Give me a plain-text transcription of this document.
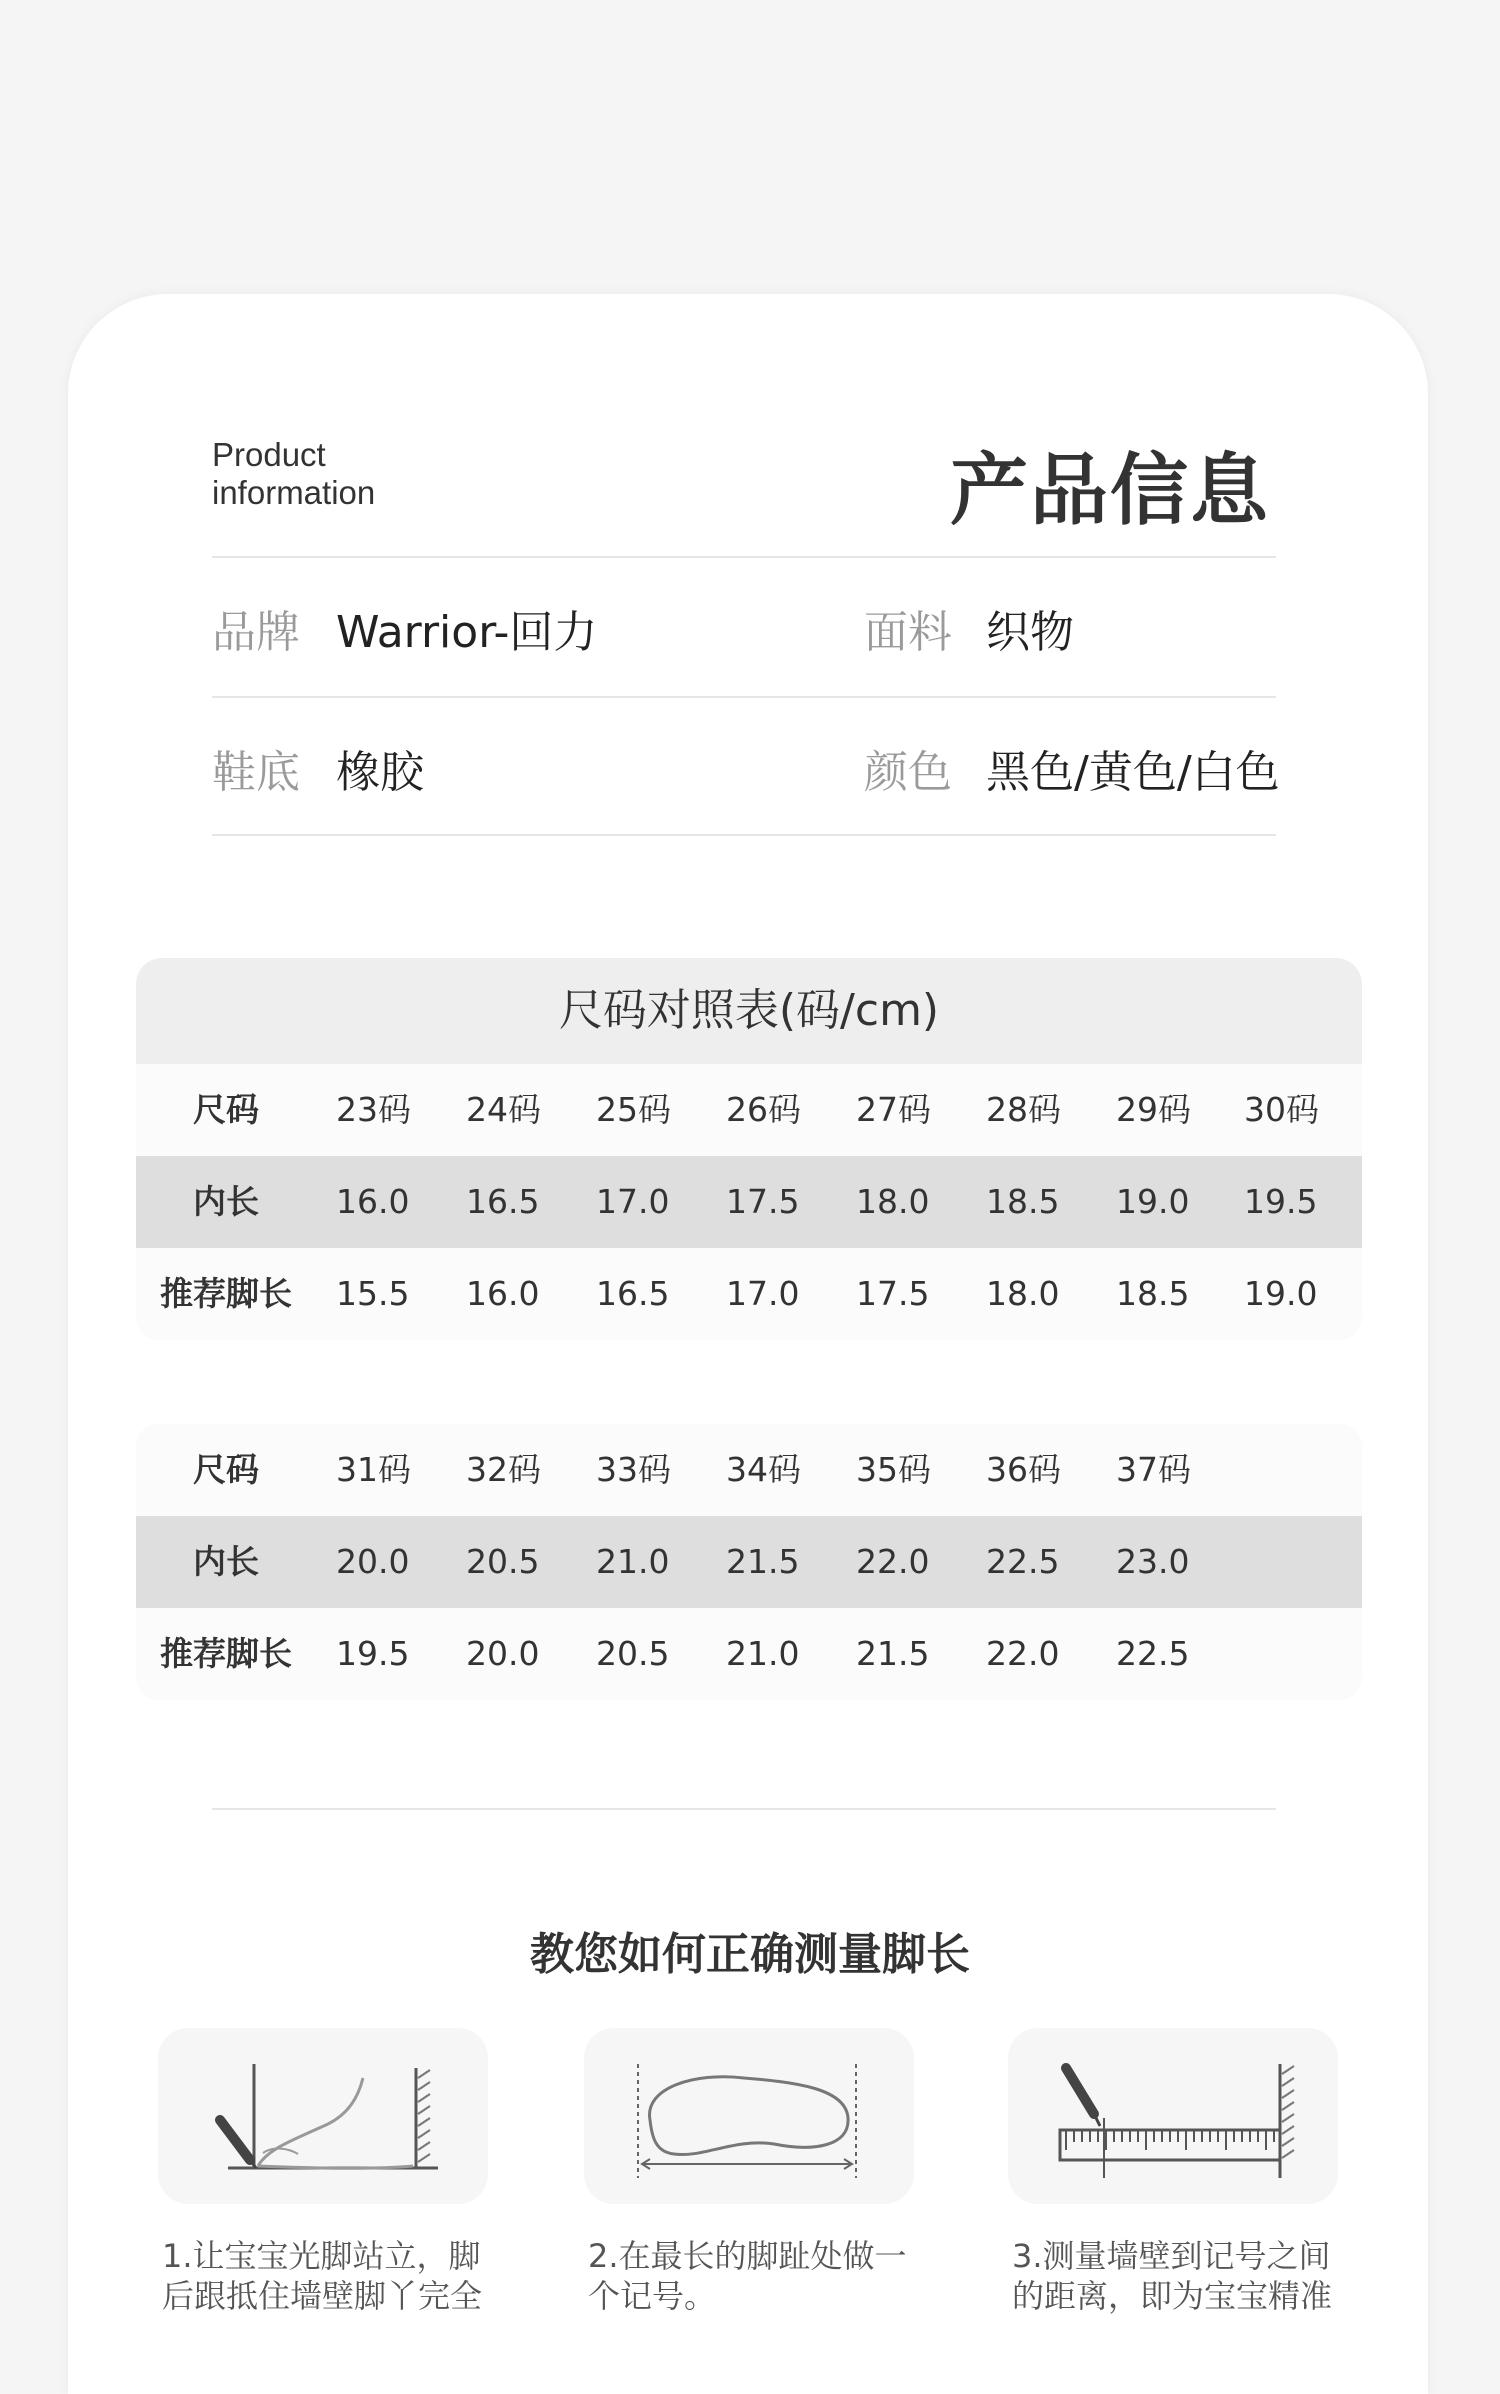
Product
information	产品信息
品牌 Warrior-回力	面料 织物
鞋底 橡胶	颜色 黑色/黄色/白色
尺码对照表(码/cm)
尺码	23码 24码 25码 26码 27码 28码 29码 30码
内长	16.0 16.5 17.0 17.5 18.0 18.5 19.0 19.5
推荐脚长 15.5 16.0 16.5 17.0 17.5 18.0 18.5 19.0
尺码	31码 32码 33码 34码 35码 36码 37码
内长	20.0 20.5 21.0 21.5 22.0 22.5 23.0
推荐脚长 19.5 20.0 20.5 21.0 21.5 22.0 22.5
教您如何正确测量脚长
1.让宝宝光脚站立，脚后跟抵住墙壁脚丫完全
2.在最长的脚趾处做一个记号。
3.测量墙壁到记号之间的距离，即为宝宝精准
